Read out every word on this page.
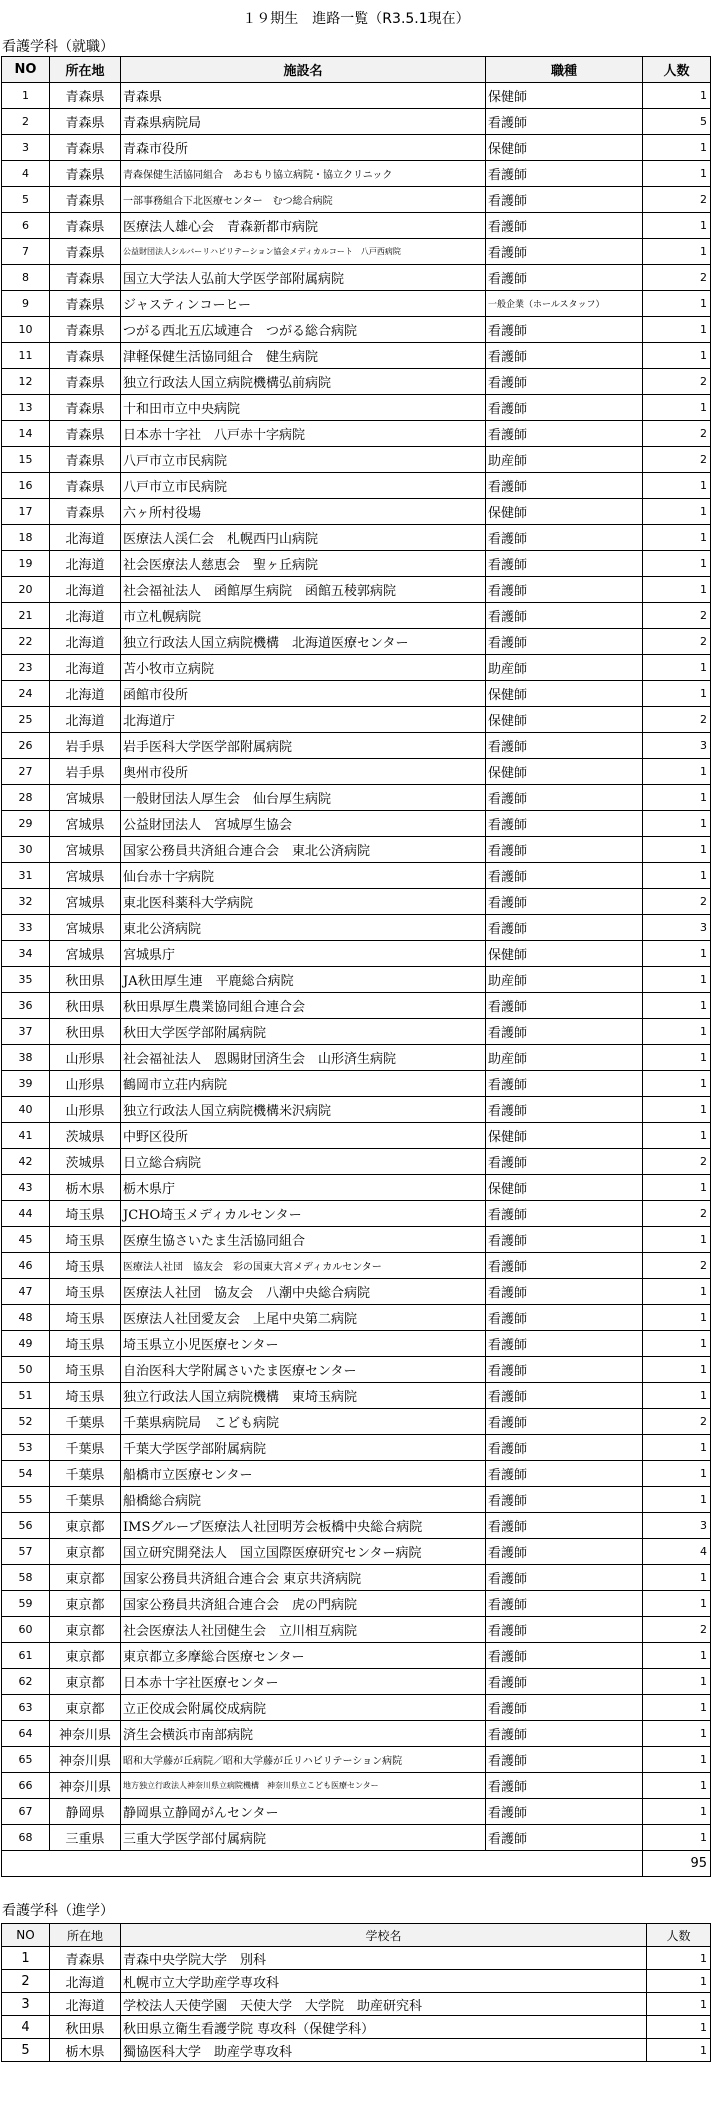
１９期生　進路一覧（R3.5.1現在）
看護学科（就職）
NO	所在地	施設名	職種	人数
1	青森県	青森県	保健師	1
2	青森県	青森県病院局	看護師	5
3	青森県	青森市役所	保健師	1
4	青森県	青森保健生活協同組合　あおもり協立病院・協立クリニック	看護師	1
5	青森県	一部事務組合下北医療センター　むつ総合病院	看護師	2
6	青森県	医療法人雄心会　青森新都市病院	看護師	1
7	青森県	公益財団法人シルバーリハビリテーション協会メディカルコート　八戸西病院	看護師	1
8	青森県	国立大学法人弘前大学医学部附属病院	看護師	2
9	青森県	ジャスティンコーヒー	一般企業（ホールスタッフ）	1
10	青森県	つがる西北五広域連合　つがる総合病院	看護師	1
11	青森県	津軽保健生活協同組合　健生病院	看護師	1
12	青森県	独立行政法人国立病院機構弘前病院	看護師	2
13	青森県	十和田市立中央病院	看護師	1
14	青森県	日本赤十字社　八戸赤十字病院	看護師	2
15	青森県	八戸市立市民病院	助産師	2
16	青森県	八戸市立市民病院	看護師	1
17	青森県	六ヶ所村役場	保健師	1
18	北海道	医療法人渓仁会　札幌西円山病院	看護師	1
19	北海道	社会医療法人慈恵会　聖ヶ丘病院	看護師	1
20	北海道	社会福祉法人　函館厚生病院　函館五稜郭病院	看護師	1
21	北海道	市立札幌病院	看護師	2
22	北海道	独立行政法人国立病院機構　北海道医療センター	看護師	2
23	北海道	苫小牧市立病院	助産師	1
24	北海道	函館市役所	保健師	1
25	北海道	北海道庁	保健師	2
26	岩手県	岩手医科大学医学部附属病院	看護師	3
27	岩手県	奥州市役所	保健師	1
28	宮城県	一般財団法人厚生会　仙台厚生病院	看護師	1
29	宮城県	公益財団法人　宮城厚生協会	看護師	1
30	宮城県	国家公務員共済組合連合会　東北公済病院	看護師	1
31	宮城県	仙台赤十字病院	看護師	1
32	宮城県	東北医科薬科大学病院	看護師	2
33	宮城県	東北公済病院	看護師	3
34	宮城県	宮城県庁	保健師	1
35	秋田県	JA秋田厚生連　平鹿総合病院	助産師	1
36	秋田県	秋田県厚生農業協同組合連合会	看護師	1
37	秋田県	秋田大学医学部附属病院	看護師	1
38	山形県	社会福祉法人　恩賜財団済生会　山形済生病院	助産師	1
39	山形県	鶴岡市立荘内病院	看護師	1
40	山形県	独立行政法人国立病院機構米沢病院	看護師	1
41	茨城県	中野区役所	保健師	1
42	茨城県	日立総合病院	看護師	2
43	栃木県	栃木県庁	保健師	1
44	埼玉県	JCHO埼玉メディカルセンター	看護師	2
45	埼玉県	医療生協さいたま生活協同組合	看護師	1
46	埼玉県	医療法人社団　協友会　彩の国東大宮メディカルセンター	看護師	2
47	埼玉県	医療法人社団　協友会　八潮中央総合病院	看護師	1
48	埼玉県	医療法人社団愛友会　上尾中央第二病院	看護師	1
49	埼玉県	埼玉県立小児医療センター	看護師	1
50	埼玉県	自治医科大学附属さいたま医療センター	看護師	1
51	埼玉県	独立行政法人国立病院機構　東埼玉病院	看護師	1
52	千葉県	千葉県病院局　こども病院	看護師	2
53	千葉県	千葉大学医学部附属病院	看護師	1
54	千葉県	船橋市立医療センター	看護師	1
55	千葉県	船橋総合病院	看護師	1
56	東京都	IMSグループ医療法人社団明芳会板橋中央総合病院	看護師	3
57	東京都	国立研究開発法人　国立国際医療研究センター病院	看護師	4
58	東京都	国家公務員共済組合連合会 東京共済病院	看護師	1
59	東京都	国家公務員共済組合連合会　虎の門病院	看護師	1
60	東京都	社会医療法人社団健生会　立川相互病院	看護師	2
61	東京都	東京都立多摩総合医療センター	看護師	1
62	東京都	日本赤十字社医療センター	看護師	1
63	東京都	立正佼成会附属佼成病院	看護師	1
64	神奈川県	済生会横浜市南部病院	看護師	1
65	神奈川県	昭和大学藤が丘病院／昭和大学藤が丘リハビリテーション病院	看護師	1
66	神奈川県	地方独立行政法人神奈川県立病院機構　神奈川県立こども医療センター	看護師	1
67	静岡県	静岡県立静岡がんセンター	看護師	1
68	三重県	三重大学医学部付属病院	看護師	1
				95
看護学科（進学）
NO	所在地	学校名	人数
1	青森県	青森中央学院大学　別科	1
2	北海道	札幌市立大学助産学専攻科	1
3	北海道	学校法人天使学園　天使大学　大学院　助産研究科	1
4	秋田県	秋田県立衛生看護学院 専攻科（保健学科）	1
5	栃木県	獨協医科大学　助産学専攻科	1
